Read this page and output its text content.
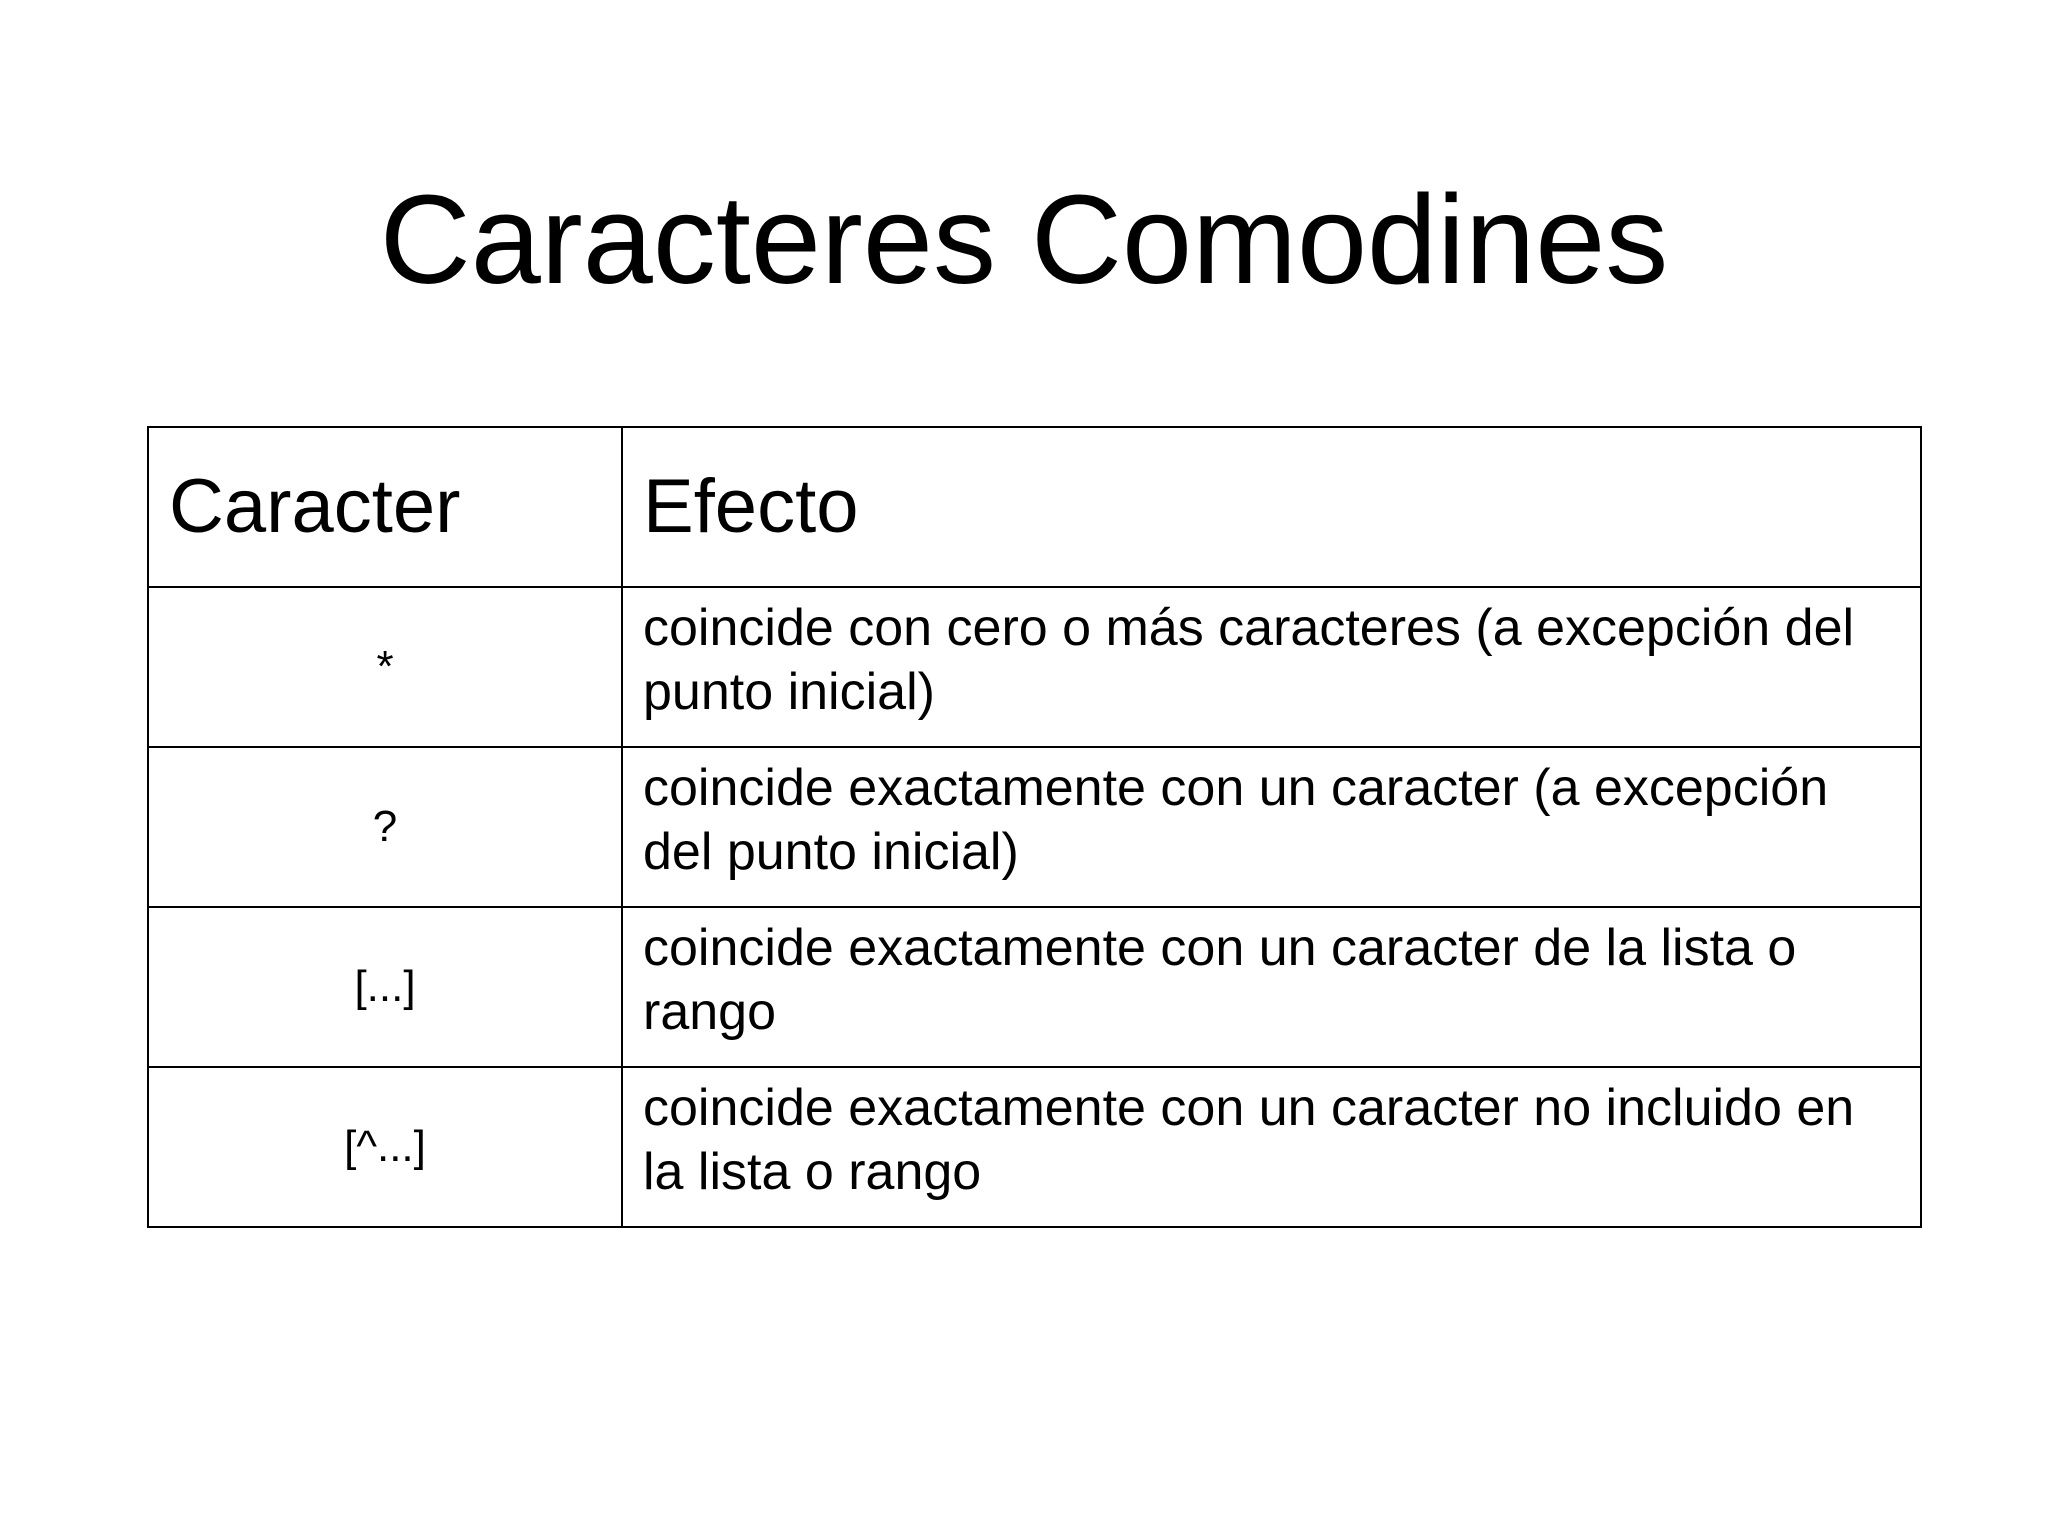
Caracteres Comodines
Caracter	Efecto
*	coincide con cero o más caracteres (a excepción del punto inicial)

?	coincide exactamente con un caracter (a excepción del punto inicial)

[...]	coincide exactamente con un caracter de la lista o rango

[^...]	coincide exactamente con un caracter no incluido en la lista o rango
